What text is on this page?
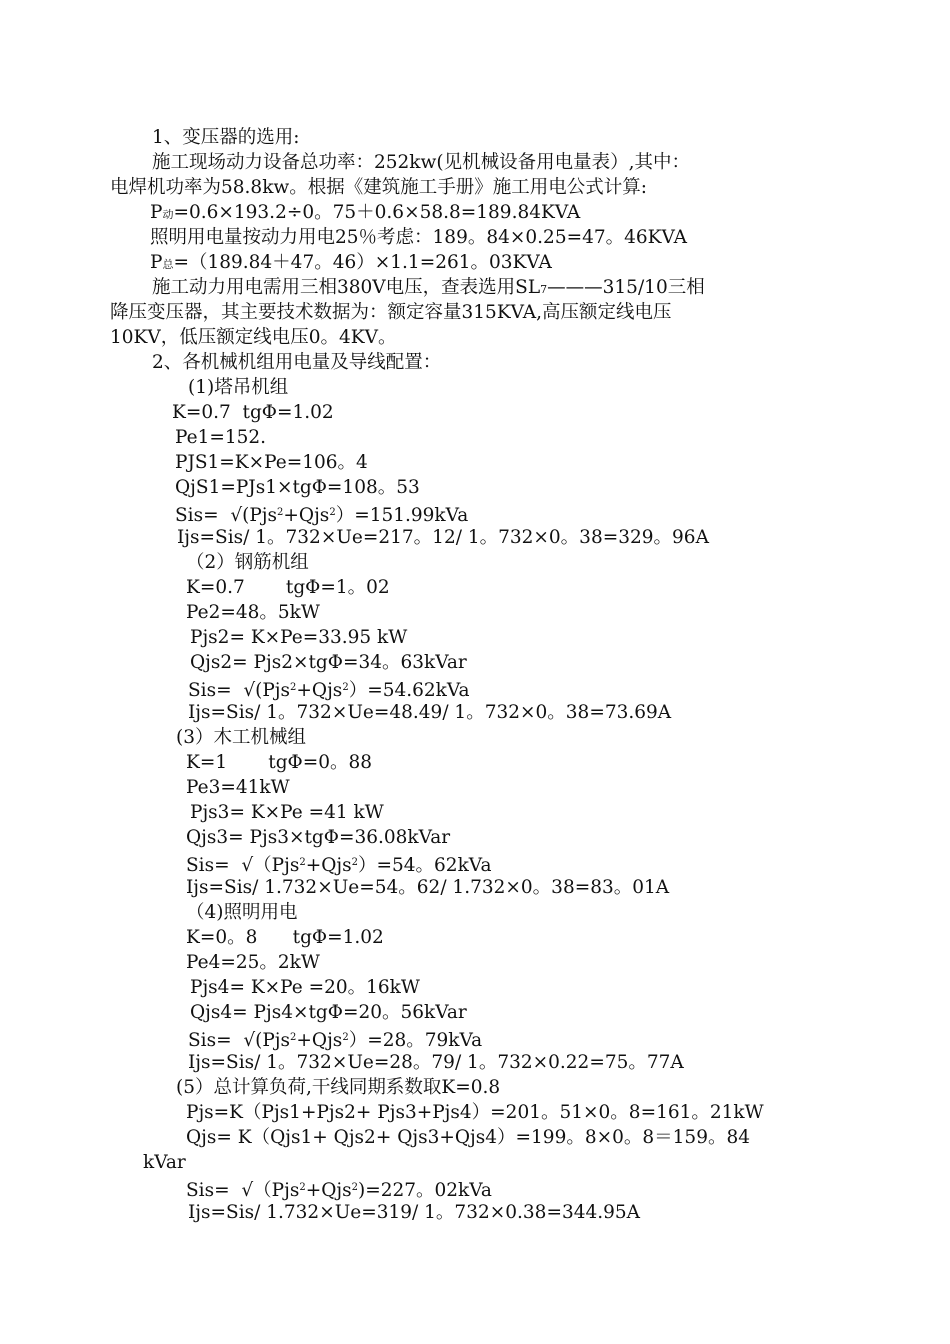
1、变压器的选用:
施工现场动力设备总功率：252kw(见机械设备用电量表）,其中：
电焊机功率为58.8kw。根据《建筑施工手册》施工用电公式计算:
P动=0.6×193.2÷0。75＋0.6×58.8=189.84KVA
照明用电量按动力用电25％考虑：189。84×0.25=47。46KVA
P总=（189.84＋47。46）×1.1=261。03KVA
施工动力用电需用三相380V电压，查表选用SL7———315/10三相
降压变压器，其主要技术数据为：额定容量315KVA,高压额定线电压
10KV，低压额定线电压0。4KV。
2、各机械机组用电量及导线配置：
(1)塔吊机组
K=0.7  tgΦ=1.02
Pe1=152.
PJS1=K×Pe=106。4
QjS1=PJs1×tgΦ=108。53
Sis=  √(Pjs$^2$+Qjs$^2$）=151.99kVa
Ijs=Sis/ 1。732×Ue=217。12/ 1。732×0。38=329。96A
（2）钢筋机组
K=0.7       tgΦ=1。02
Pe2=48。5kW
Pjs2= K×Pe=33.95 kW
Qjs2= Pjs2×tgΦ=34。63kVar
Sis=  √(Pjs$^2$+Qjs$^2$）=54.62kVa
Ijs=Sis/ 1。732×Ue=48.49/ 1。732×0。38=73.69A
(3）木工机械组
K=1       tgΦ=0。88
Pe3=41kW
Pjs3= K×Pe =41 kW
Qjs3= Pjs3×tgΦ=36.08kVar
Sis=  √（Pjs$^2$+Qjs$^2$）=54。62kVa
Ijs=Sis/ 1.732×Ue=54。62/ 1.732×0。38=83。01A
（4)照明用电
K=0。8      tgΦ=1.02
Pe4=25。2kW
Pjs4= K×Pe =20。16kW
Qjs4= Pjs4×tgΦ=20。56kVar
Sis=  √(Pjs$^2$+Qjs$^2$）=28。79kVa
Ijs=Sis/ 1。732×Ue=28。79/ 1。732×0.22=75。77A
(5）总计算负荷,干线同期系数取K=0.8
Pjs=K（Pjs1+Pjs2+ Pjs3+Pjs4）=201。51×0。8=161。21kW
Qjs= K（Qjs1+ Qjs2+ Qjs3+Qjs4）=199。8×0。8＝159。84
kVar
Sis=  √（Pjs$^2$+Qjs$^2$)=227。02kVa
Ijs=Sis/ 1.732×Ue=319/ 1。732×0.38=344.95A
